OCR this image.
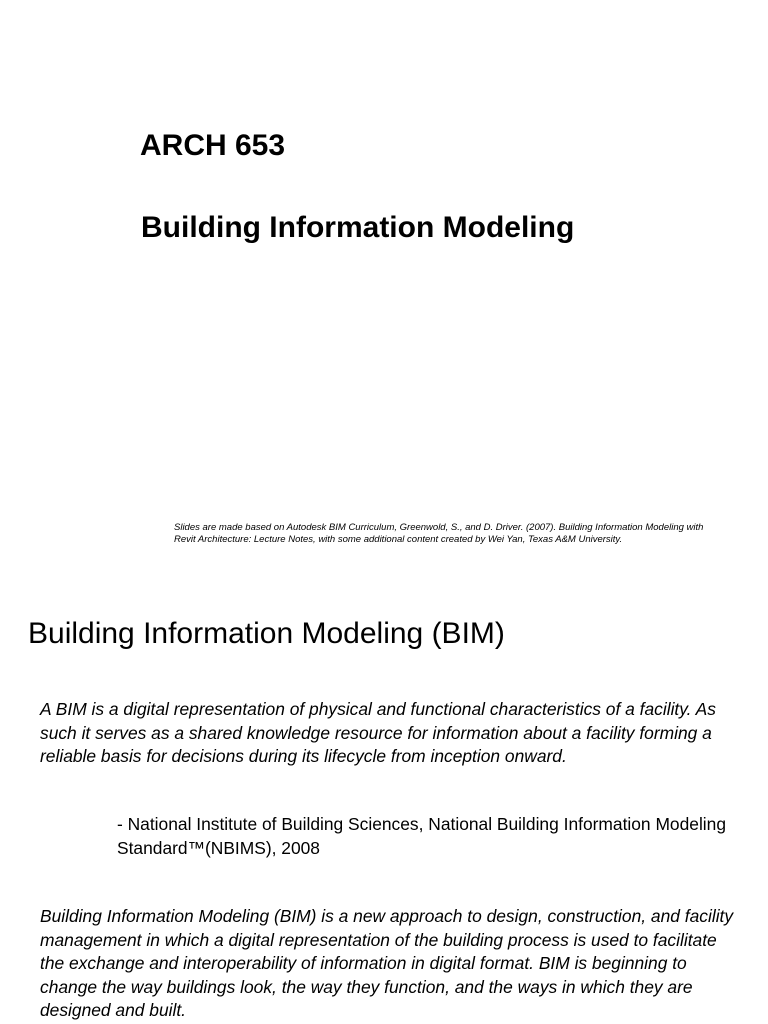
ARCH 653
Building Information Modeling

Slides are made based on Autodesk BIM Curriculum, Greenwold, S., and D. Driver. (2007). Building Information Modeling with Revit Architecture: Lecture Notes, with some additional content created by Wei Yan, Texas A&M University.

Building Information Modeling (BIM)

A BIM is a digital representation of physical and functional characteristics of a facility. As such it serves as a shared knowledge resource for information about a facility forming a reliable basis for decisions during its lifecycle from inception onward.

- National Institute of Building Sciences, National Building Information Modeling Standard™(NBIMS), 2008

Building Information Modeling (BIM) is a new approach to design, construction, and facility management in which a digital representation of the building process is used to facilitate the exchange and interoperability of information in digital format. BIM is beginning to change the way buildings look, the way they function, and the ways in which they are designed and built.
